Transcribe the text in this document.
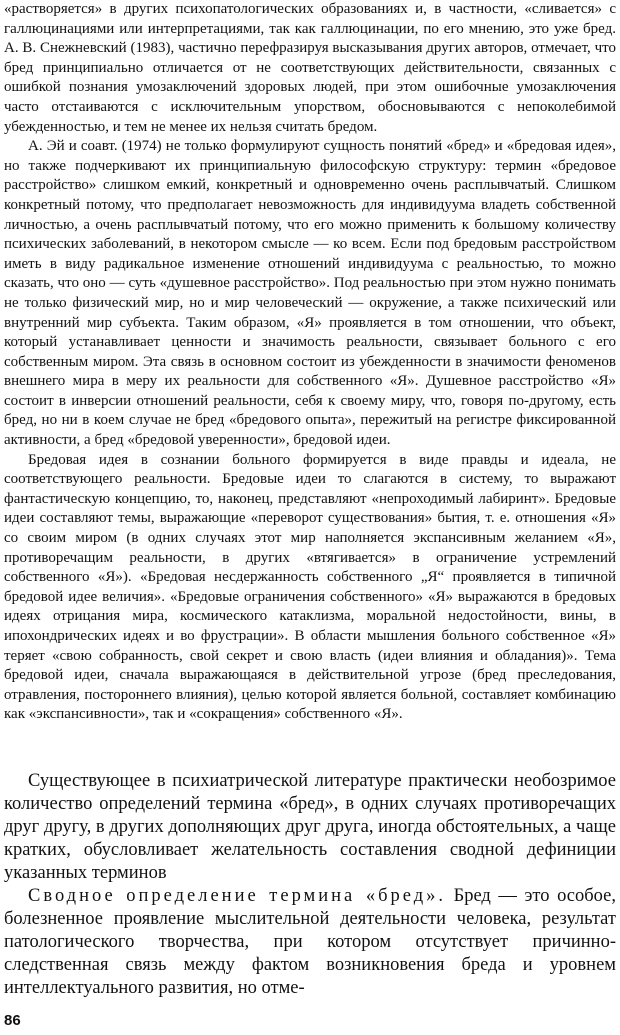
«растворяется» в других психопатологических образованиях и, в частности, «сливается» с галлюцинациями или интерпретациями, так как галлюцинации, по его мнению, это уже бред. А. В. Снежневский (1983), частично перефразируя высказывания других авторов, отмечает, что бред принципиально отличается от не соответствующих действительности, связанных с ошибкой познания умозаключений здоровых людей, при этом ошибочные умозаключения часто отстаиваются с исключительным упорством, обосновываются с непоколебимой убежденностью, и тем не менее их нельзя считать бредом.

А. Эй и соавт. (1974) не только формулируют сущность понятий «бред» и «бредовая идея», но также подчеркивают их принципиальную философскую структуру: термин «бредовое расстройство» слишком емкий, конкретный и одновременно очень расплывчатый. Слишком конкретный потому, что предполагает невозможность для индивидуума владеть собственной личностью, а очень расплывчатый потому, что его можно применить к большому количеству психических заболеваний, в некотором смысле — ко всем. Если под бредовым расстройством иметь в виду радикальное изменение отношений индивидуума с реальностью, то можно сказать, что оно — суть «душевное расстройство». Под реальностью при этом нужно понимать не только физический мир, но и мир человеческий — окружение, а также психический или внутренний мир субъекта. Таким образом, «Я» проявляется в том отношении, что объект, который устанавливает ценности и значимость реальности, связывает больного с его собственным миром. Эта связь в основном состоит из убежденности в значимости феноменов внешнего мира в меру их реальности для собственного «Я». Душевное расстройство «Я» состоит в инверсии отношений реальности, себя к своему миру, что, говоря по-другому, есть бред, но ни в коем случае не бред «бредового опыта», пережитый на регистре фиксированной активности, а бред «бредовой уверенности», бредовой идеи.

Бредовая идея в сознании больного формируется в виде правды и идеала, не соответствующего реальности. Бредовые идеи то слагаются в систему, то выражают фантастическую концепцию, то, наконец, представляют «непроходимый лабиринт». Бредовые идеи составляют темы, выражающие «переворот существования» бытия, т. е. отношения «Я» со своим миром (в одних случаях этот мир наполняется экспансивным желанием «Я», противоречащим реальности, в других «втягивается» в ограничение устремлений собственного «Я»). «Бредовая несдержанность собственного „Я“ проявляется в типичной бредовой идее величия». «Бредовые ограничения собственного» «Я» выражаются в бредовых идеях отрицания мира, космического катаклизма, моральной недостойности, вины, в ипохондрических идеях и во фрустрации». В области мышления больного собственное «Я» теряет «свою собранность, свой секрет и свою власть (идеи влияния и обладания)». Тема бредовой идеи, сначала выражающаяся в действительной угрозе (бред преследования, отравления, постороннего влияния), целью которой является больной, составляет комбинацию как «экспансивности», так и «сокращения» собственного «Я».

Существующее в психиатрической литературе практически необозримое количество определений термина «бред», в одних случаях противоречащих друг другу, в других дополняющих друг друга, иногда обстоятельных, а чаще кратких, обусловливает желательность составления сводной дефиниции указанных терминов

Сводное определение термина «бред». Бред — это особое, болезненное проявление мыслительной деятельности человека, результат патологического творчества, при котором отсутствует причинно-следственная связь между фактом возникновения бреда и уровнем интеллектуального развития, но отме-

86
